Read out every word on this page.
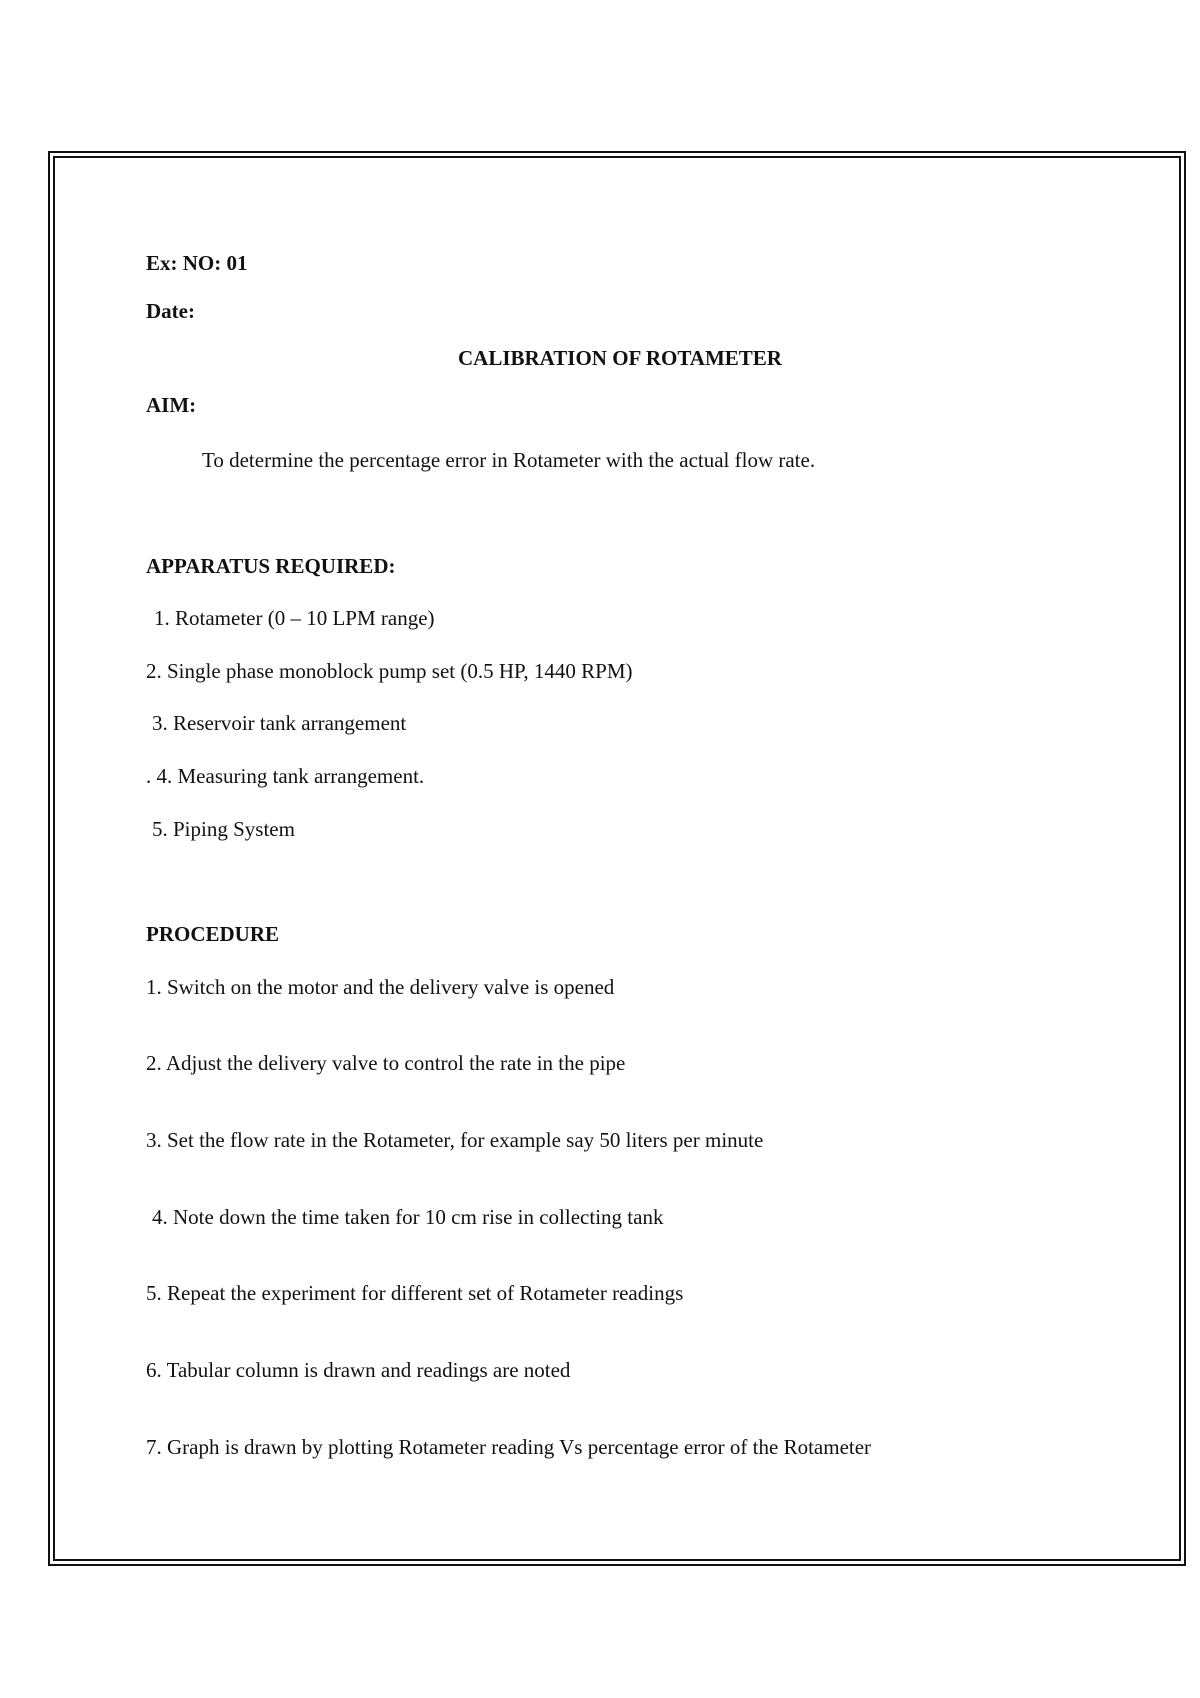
Ex: NO: 01

Date:

CALIBRATION OF ROTAMETER

AIM:

To determine the percentage error in Rotameter with the actual flow rate.

APPARATUS REQUIRED:

1. Rotameter (0 – 10 LPM range)

2. Single phase monoblock pump set (0.5 HP, 1440 RPM)

3. Reservoir tank arrangement

. 4. Measuring tank arrangement.

5. Piping System

PROCEDURE

1. Switch on the motor and the delivery valve is opened

2. Adjust the delivery valve to control the rate in the pipe

3. Set the flow rate in the Rotameter, for example say 50 liters per minute

4. Note down the time taken for 10 cm rise in collecting tank

5. Repeat the experiment for different set of Rotameter readings

6. Tabular column is drawn and readings are noted

7. Graph is drawn by plotting Rotameter reading Vs percentage error of the Rotameter
